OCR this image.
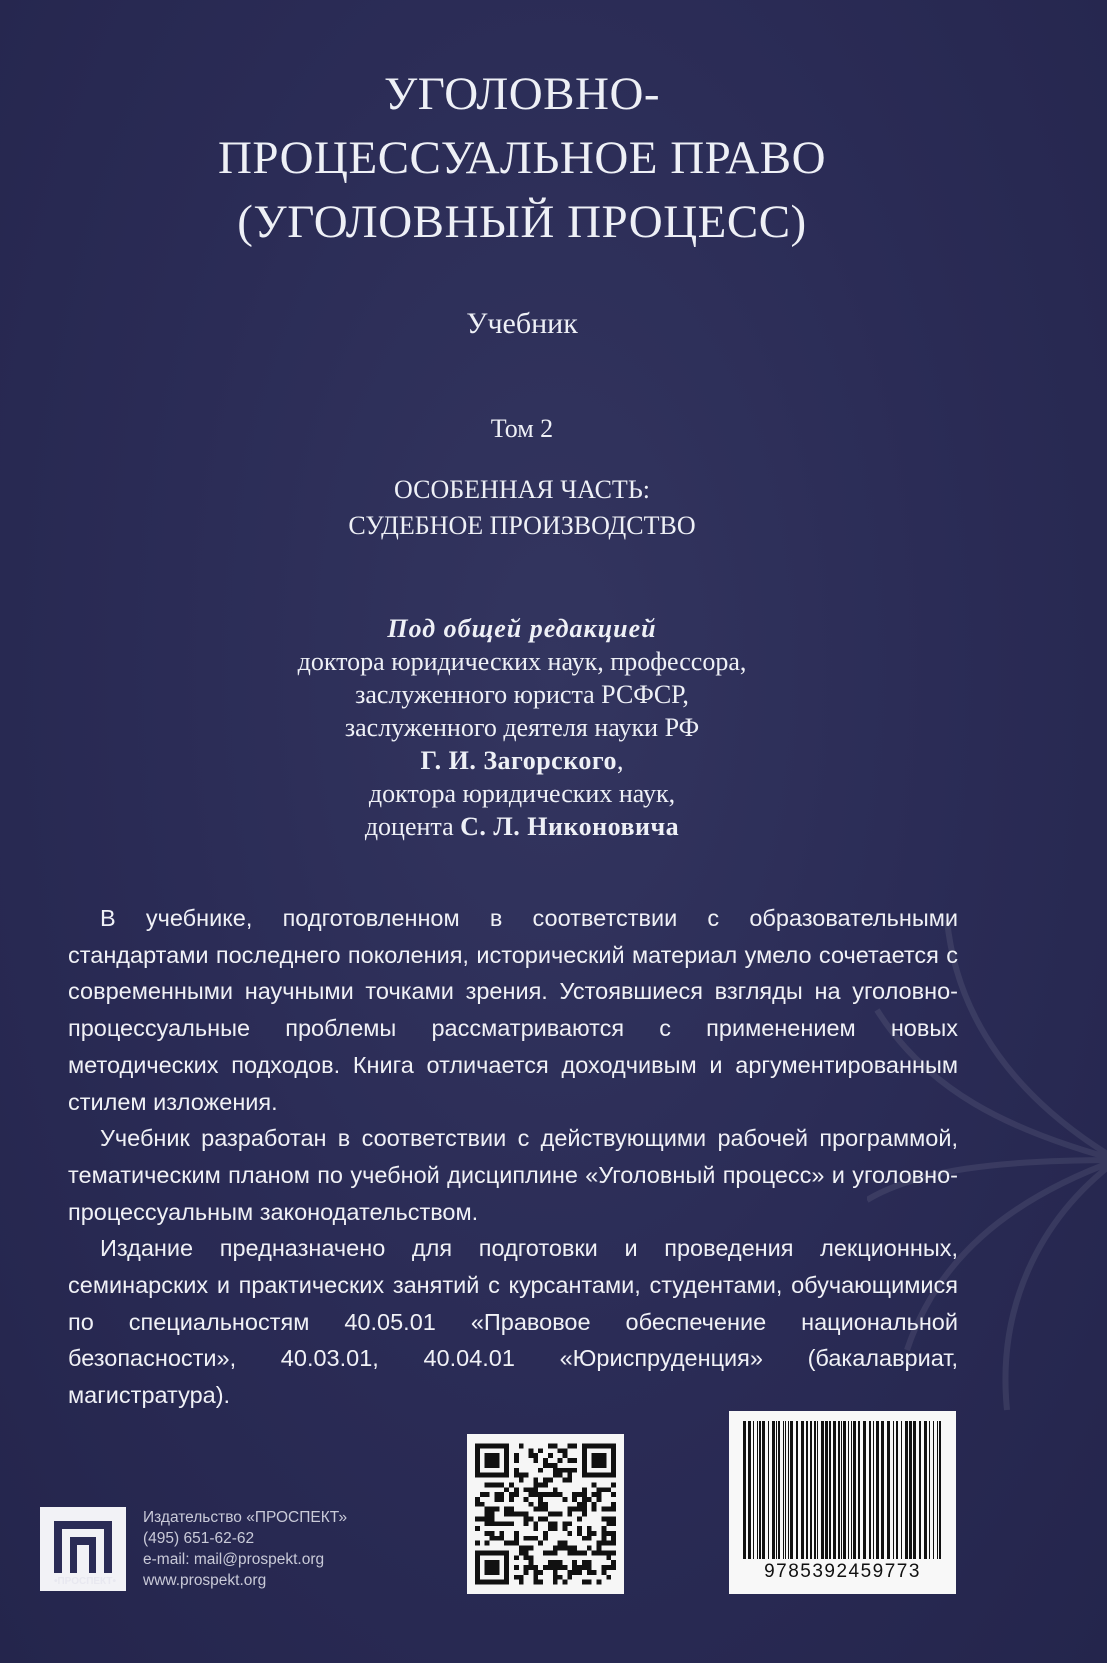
УГОЛОВНО-
ПРОЦЕССУАЛЬНОЕ ПРАВО
(УГОЛОВНЫЙ ПРОЦЕСС)
Учебник
Том 2
ОСОБЕННАЯ ЧАСТЬ:
СУДЕБНОЕ ПРОИЗВОДСТВО
Под общей редакцией
доктора юридических наук, профессора,
заслуженного юриста РСФСР,
заслуженного деятеля науки РФ
Г. И. Загорского,
доктора юридических наук,
доцента С. Л. Никоновича

В учебнике, подготовленном в соответствии с образовательными стандартами последнего поколения, исторический материал умело сочетается с современными научными точками зрения. Устоявшиеся взгляды на уголовно-процессуальные проблемы рассматриваются с применением новых методических подходов. Книга отличается доходчивым и аргументированным стилем изложения.

Учебник разработан в соответствии с действующими рабочей программой, тематическим планом по учебной дисциплине «Уголовный процесс» и уголовно-процессуальным законодательством.

Издание предназначено для подготовки и проведения лекционных, семинарских и практических занятий с курсантами, студентами, обучающимися по специальностям 40.05.01 «Правовое обеспечение национальной безопасности», 40.03.01, 40.04.01 «Юриспруденция» (бакалавриат, магистратура).

9785392459773
•ПРОСПЕКТ•
Издательство «ПРОСПЕКТ»
(495) 651-62-62
e-mail: mail@prospekt.org
www.prospekt.org
